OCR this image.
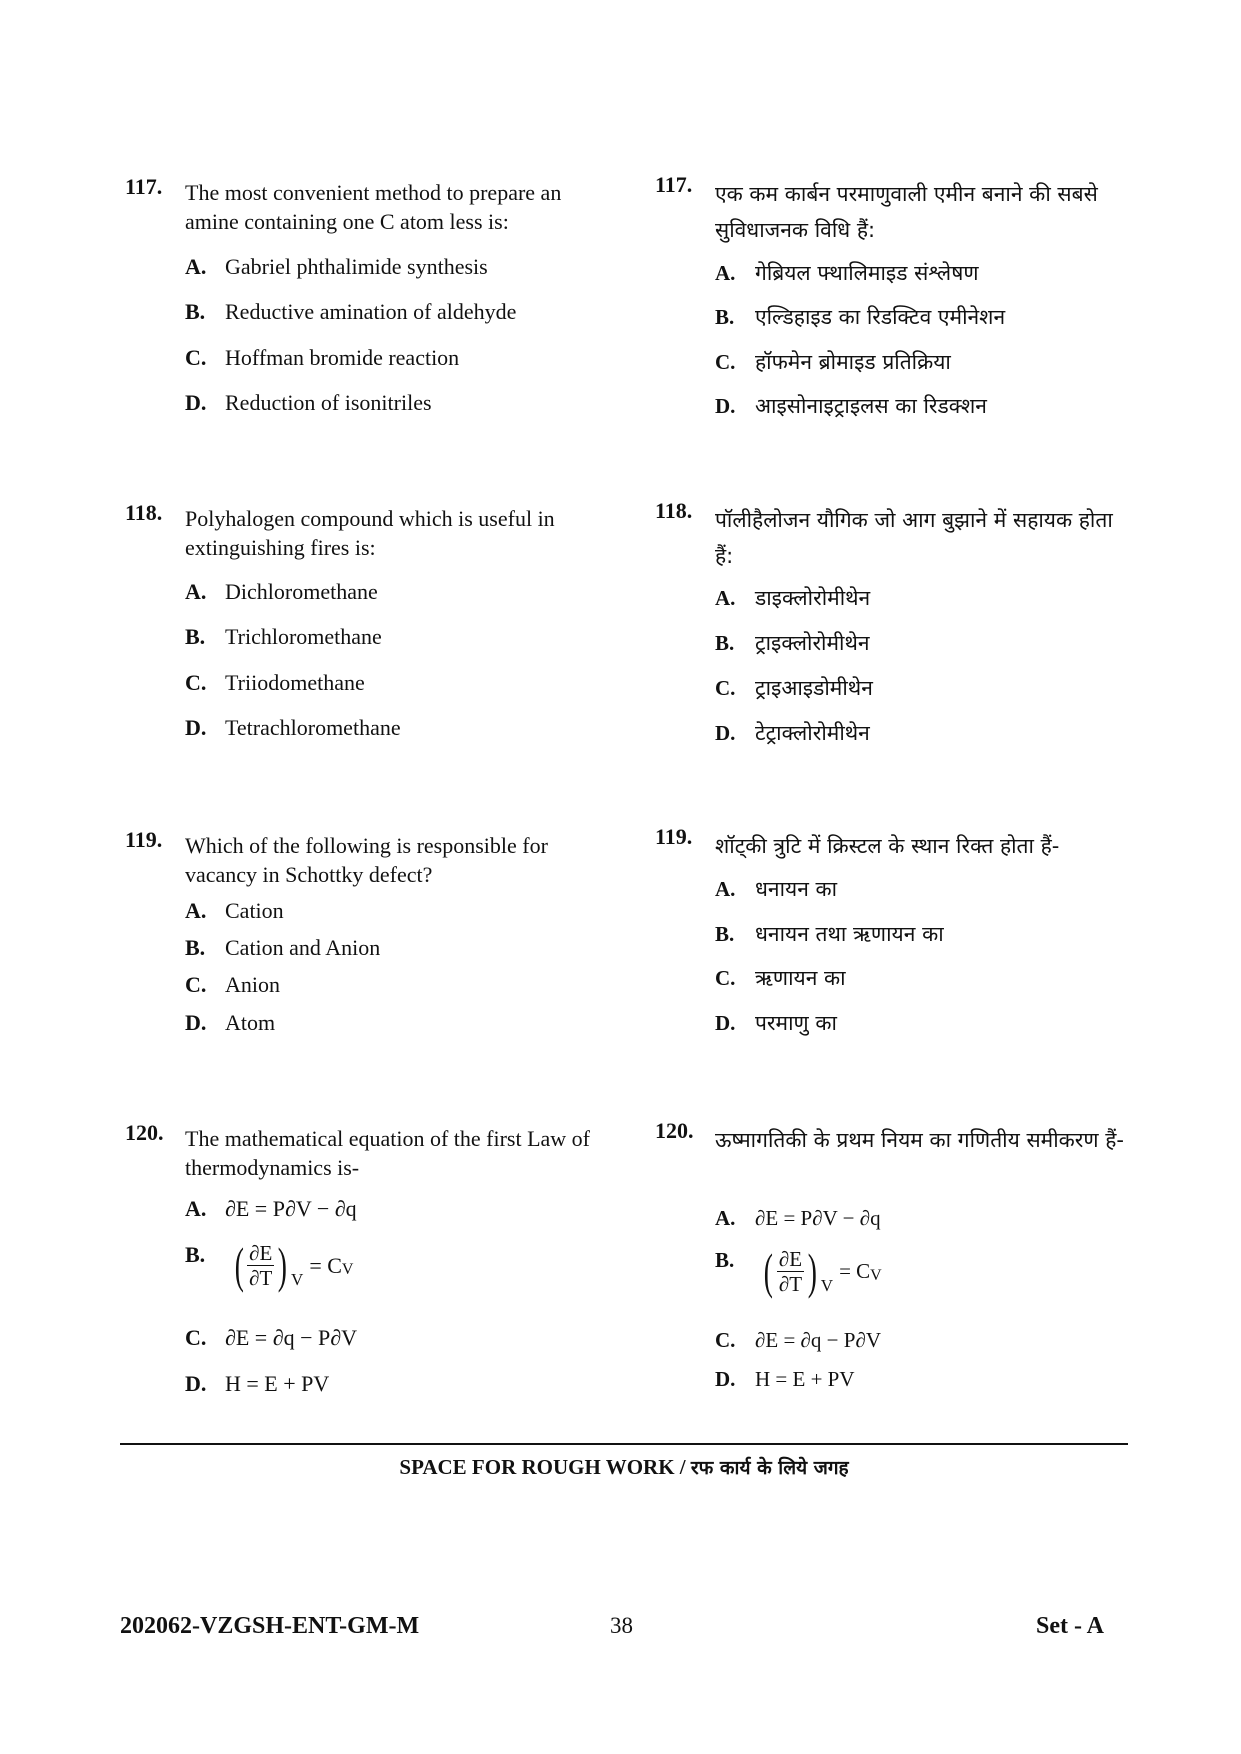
117. The most convenient method to prepare an amine containing one C atom less is:
A. Gabriel phthalimide synthesis
B. Reductive amination of aldehyde
C. Hoffman bromide reaction
D. Reduction of isonitriles
117. एक कम कार्बन परमाणुवाली एमीन बनाने की सबसे सुविधाजनक विधि हैं:
A. गेब्रियल फ्थालिमाइड संश्लेषण
B. एल्डिहाइड का रिडक्टिव एमीनेशन
C. हॉफमेन ब्रोमाइड प्रतिक्रिया
D. आइसोनाइट्राइलस का रिडक्शन
118. Polyhalogen compound which is useful in extinguishing fires is:
A. Dichloromethane
B. Trichloromethane
C. Triiodomethane
D. Tetrachloromethane
118. पॉलीहैलोजन यौगिक जो आग बुझाने में सहायक होता हैं:
A. डाइक्लोरोमीथेन
B. ट्राइक्लोरोमीथेन
C. ट्राइआइडोमीथेन
D. टेट्राक्लोरोमीथेन
119. Which of the following is responsible for vacancy in Schottky defect?
A. Cation
B. Cation and Anion
C. Anion
D. Atom
119. शॉट्की त्रुटि में क्रिस्टल के स्थान रिक्त होता हैं-
A. धनायन का
B. धनायन तथा ऋणायन का
C. ऋणायन का
D. परमाणु का
120. The mathematical equation of the first Law of thermodynamics is-
A. ∂E = P∂V − ∂q
B. ( $\frac{\partial E}{\partial T}$ ) V
= C V
C. ∂E = ∂q − P∂V
D. H = E + PV
120. ऊष्मागतिकी के प्रथम नियम का गणितीय समीकरण हैं-
A. ∂E = P∂V − ∂q
B. ( $\frac{\partial E}{\partial T}$ ) V
= C V
C. ∂E = ∂q − P∂V
D. H = E + PV
SPACE FOR ROUGH WORK / रफ कार्य के लिये जगह
202062-VZGSH-ENT-GM-M	38	Set - A
